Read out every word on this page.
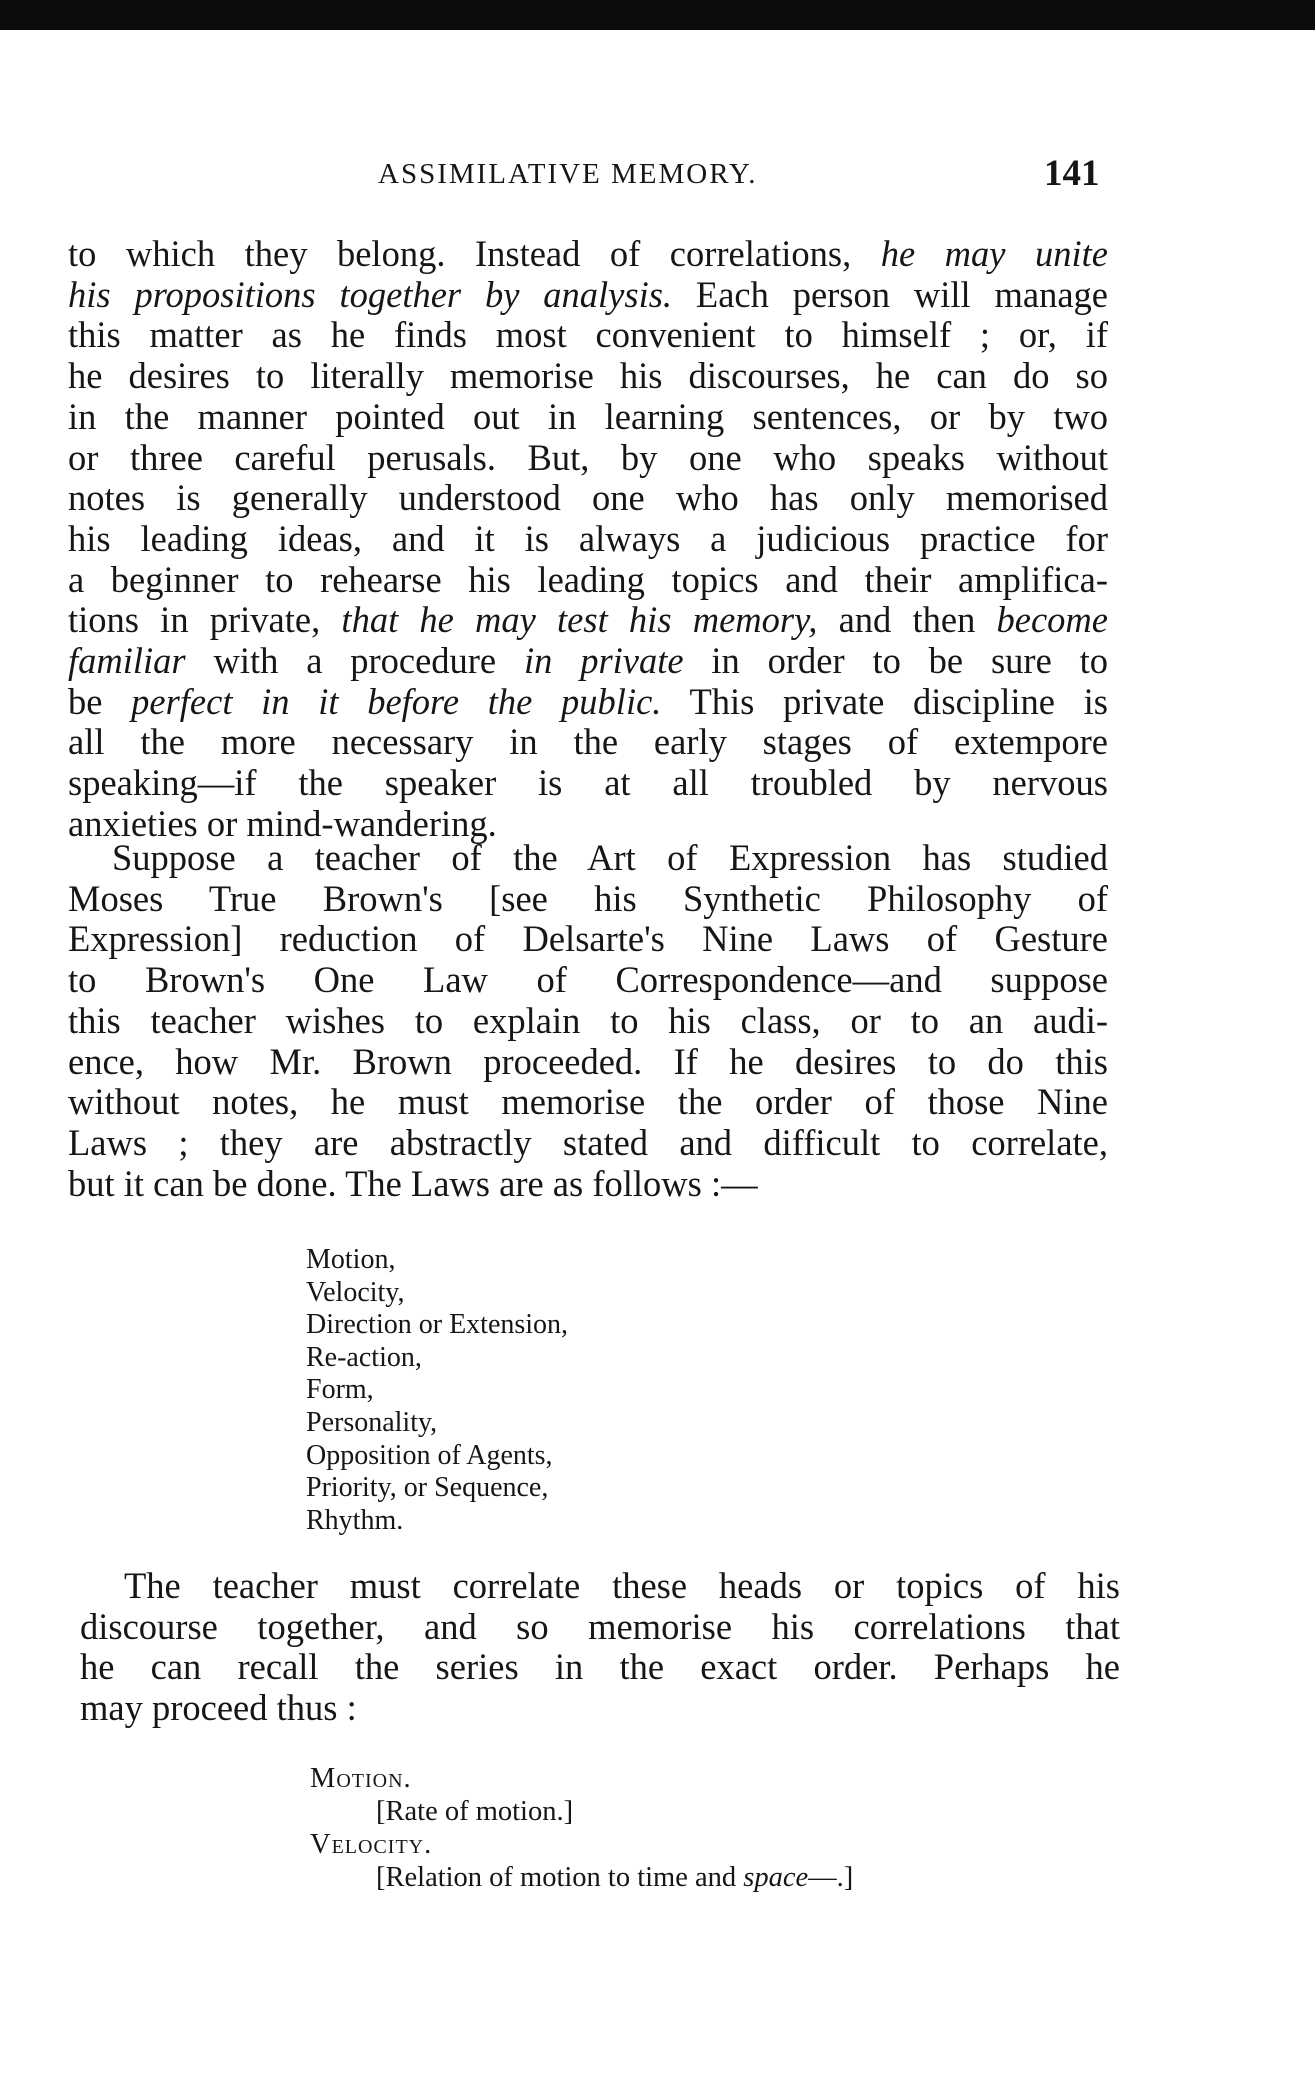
ASSIMILATIVE MEMORY.	141
to which they belong. Instead of correlations, he may unite
his propositions together by analysis. Each person will manage
this matter as he finds most convenient to himself ; or, if
he desires to literally memorise his discourses, he can do so
in the manner pointed out in learning sentences, or by two
or three careful perusals. But, by one who speaks without
notes is generally understood one who has only memorised
his leading ideas, and it is always a judicious practice for
a beginner to rehearse his leading topics and their amplifica-
tions in private, that he may test his memory, and then become
familiar with a procedure in private in order to be sure to
be perfect in it before the public. This private discipline is
all the more necessary in the early stages of extempore
speaking—if the speaker is at all troubled by nervous
anxieties or mind-wandering.
Suppose a teacher of the Art of Expression has studied
Moses True Brown's [see his Synthetic Philosophy of
Expression] reduction of Delsarte's Nine Laws of Gesture
to Brown's One Law of Correspondence—and suppose
this teacher wishes to explain to his class, or to an audi-
ence, how Mr. Brown proceeded. If he desires to do this
without notes, he must memorise the order of those Nine
Laws ; they are abstractly stated and difficult to correlate,
but it can be done. The Laws are as follows :—
Motion,
Velocity,
Direction or Extension,
Re-action,
Form,
Personality,
Opposition of Agents,
Priority, or Sequence,
Rhythm.
The teacher must correlate these heads or topics of his
discourse together, and so memorise his correlations that
he can recall the series in the exact order. Perhaps he
may proceed thus :
Motion.
[Rate of motion.]
Velocity.
[Relation of motion to time and space—.]
